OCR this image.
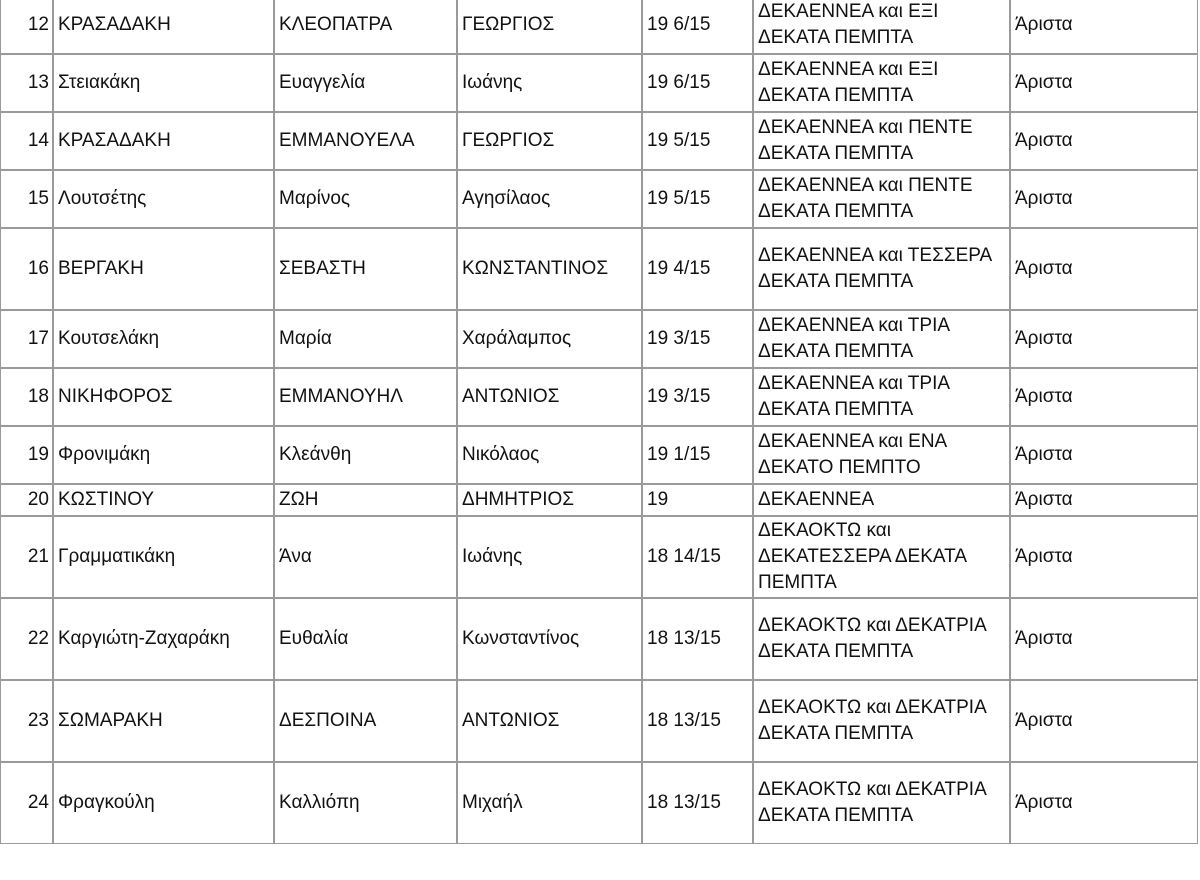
12	ΚΡΑΣΑΔΑΚΗ	ΚΛΕΟΠΑΤΡΑ	ΓΕΩΡΓΙΟΣ	19 6/15	ΔΕΚΑΕΝΝΕΑ και ΕΞΙ ΔΕΚΑΤΑ ΠΕΜΠΤΑ	Άριστα
13	Στειακάκη	Ευαγγελία	Ιωάνης	19 6/15	ΔΕΚΑΕΝΝΕΑ και ΕΞΙ ΔΕΚΑΤΑ ΠΕΜΠΤΑ	Άριστα
14	ΚΡΑΣΑΔΑΚΗ	ΕΜΜΑΝΟΥΕΛΑ	ΓΕΩΡΓΙΟΣ	19 5/15	ΔΕΚΑΕΝΝΕΑ και ΠΕΝΤΕ ΔΕΚΑΤΑ ΠΕΜΠΤΑ	Άριστα
15	Λουτσέτης	Μαρίνος	Αγησίλαος	19 5/15	ΔΕΚΑΕΝΝΕΑ και ΠΕΝΤΕ ΔΕΚΑΤΑ ΠΕΜΠΤΑ	Άριστα
16	ΒΕΡΓΑΚΗ	ΣΕΒΑΣΤΗ	ΚΩΝΣΤΑΝΤΙΝΟΣ	19 4/15	ΔΕΚΑΕΝΝΕΑ και ΤΕΣΣΕΡΑ ΔΕΚΑΤΑ ΠΕΜΠΤΑ	Άριστα
17	Κουτσελάκη	Μαρία	Χαράλαμπος	19 3/15	ΔΕΚΑΕΝΝΕΑ και ΤΡΙΑ ΔΕΚΑΤΑ ΠΕΜΠΤΑ	Άριστα
18	ΝΙΚΗΦΟΡΟΣ	ΕΜΜΑΝΟΥΗΛ	ΑΝΤΩΝΙΟΣ	19 3/15	ΔΕΚΑΕΝΝΕΑ και ΤΡΙΑ ΔΕΚΑΤΑ ΠΕΜΠΤΑ	Άριστα
19	Φρονιμάκη	Κλεάνθη	Νικόλαος	19 1/15	ΔΕΚΑΕΝΝΕΑ και ΕΝΑ ΔΕΚΑΤΟ ΠΕΜΠΤΟ	Άριστα
20	ΚΩΣΤΙΝΟΥ	ΖΩΗ	ΔΗΜΗΤΡΙΟΣ	19	ΔΕΚΑΕΝΝΕΑ	Άριστα
21	Γραμματικάκη	Άνα	Ιωάνης	18 14/15	ΔΕΚΑΟΚΤΩ και ΔΕΚΑΤΕΣΣΕΡΑ ΔΕΚΑΤΑ ΠΕΜΠΤΑ	Άριστα
22	Καργιώτη-Ζαχαράκη	Ευθαλία	Κωνσταντίνος	18 13/15	ΔΕΚΑΟΚΤΩ και ΔΕΚΑΤΡΙΑ ΔΕΚΑΤΑ ΠΕΜΠΤΑ	Άριστα
23	ΣΩΜΑΡΑΚΗ	ΔΕΣΠΟΙΝΑ	ΑΝΤΩΝΙΟΣ	18 13/15	ΔΕΚΑΟΚΤΩ και ΔΕΚΑΤΡΙΑ ΔΕΚΑΤΑ ΠΕΜΠΤΑ	Άριστα
24	Φραγκούλη	Καλλιόπη	Μιχαήλ	18 13/15	ΔΕΚΑΟΚΤΩ και ΔΕΚΑΤΡΙΑ ΔΕΚΑΤΑ ΠΕΜΠΤΑ	Άριστα
